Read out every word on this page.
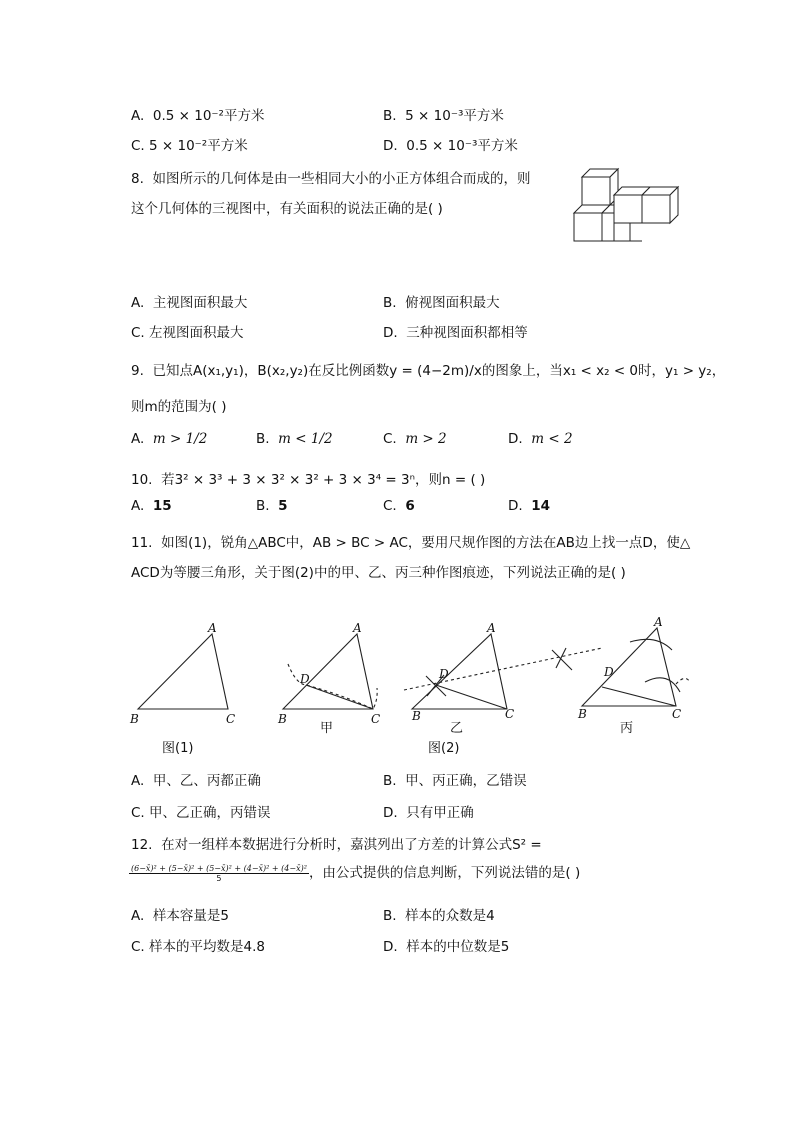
A. 0.5 × 10⁻²平方米	B. 5 × 10⁻³平方米
C. 5 × 10⁻²平方米	D. 0.5 × 10⁻³平方米
8. 如图所示的几何体是由一些相同大小的小正方体组合而成的，则
这个几何体的三视图中，有关面积的说法正确的是( )
A. 主视图面积最大	B. 俯视图面积最大
C. 左视图面积最大	D. 三种视图面积都相等
9. 已知点A(x₁,y₁)，B(x₂,y₂)在反比例函数y = (4−2m)/x的图象上，当x₁ < x₂ < 0时，y₁ > y₂，
则m的范围为( )
A. m > 1/2	B. m < 1/2	C. m > 2	D. m < 2
10. 若3² × 3³ + 3 × 3² × 3² + 3 × 3⁴ = 3ⁿ，则n = ( )
A. 15	B. 5	C. 6	D. 14
11. 如图(1)，锐角△ABC中，AB > BC > AC，要用尺规作图的方法在AB边上找一点D，使△
ACD为等腰三角形，关于图(2)中的甲、乙、丙三种作图痕迹，下列说法正确的是( )
A
B	C
图(1)
A
B	C
D
甲
A
B	C
D
乙
图(2)
A
B	C
D
丙
A. 甲、乙、丙都正确	B. 甲、丙正确，乙错误
C. 甲、乙正确，丙错误	D. 只有甲正确
12. 在对一组样本数据进行分析时，嘉淇列出了方差的计算公式S² =
$\frac{\text{(6−x̄)² + (5−x̄)² + (5−x̄)² + (4−x̄)² + (4−x̄)²}}{5}$ ，由公式提供的信息判断，下列说法错的是( )
A. 样本容量是5	B. 样本的众数是4
C. 样本的平均数是4.8	D. 样本的中位数是5
